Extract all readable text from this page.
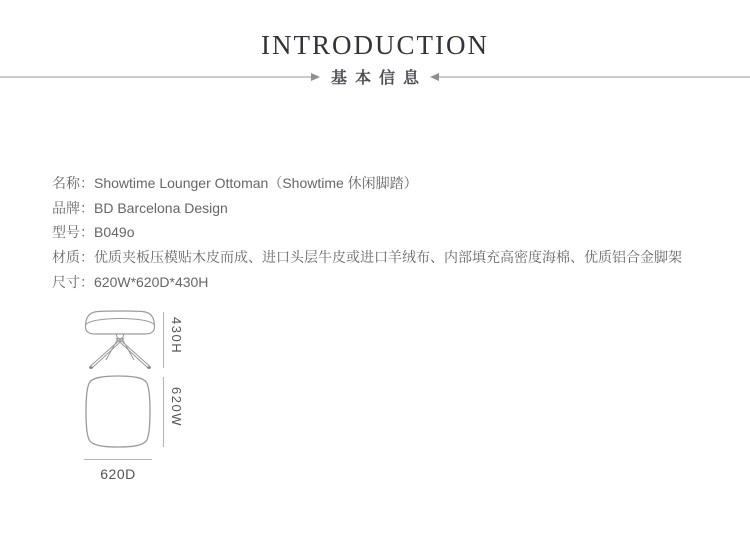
INTRODUCTION
基本信息
名称：Showtime Lounger Ottoman（Showtime 休闲脚踏）
品牌：BD Barcelona Design
型号：B049o
材质：优质夹板压模贴木皮而成、进口头层牛皮或进口羊绒布、内部填充高密度海棉、优质铝合金脚架
尺寸：620W*620D*430H
430H
620W
620D
